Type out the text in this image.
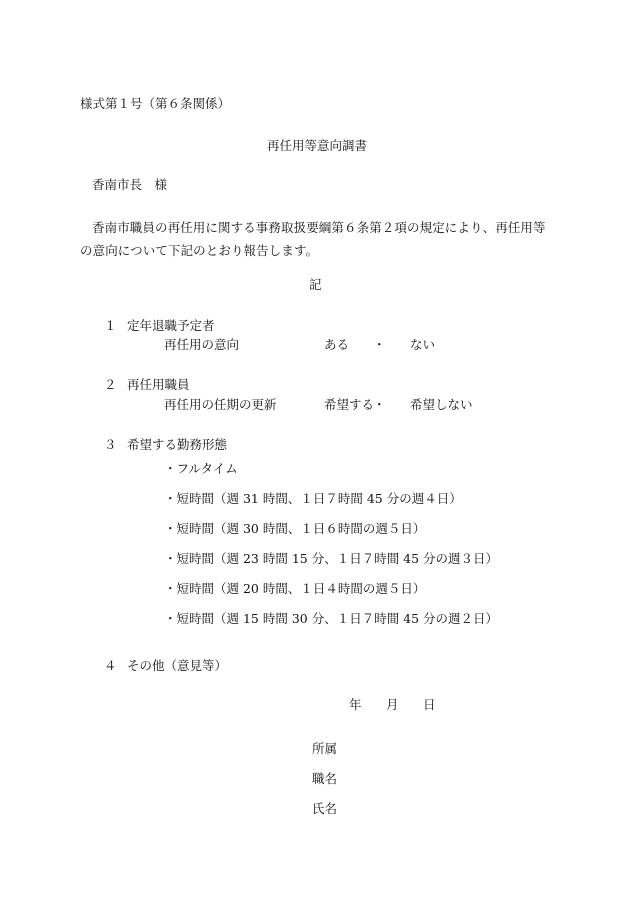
様式第１号（第６条関係）
再任用等意向調書
香南市長　様
香南市職員の再任用に関する事務取扱要綱第６条第２項の規定により、再任用等の意向について下記のとおり報告します。
記
１ 定年退職予定者
再任用の意向	ある ・ ない
２ 再任用職員
再任用の任期の更新	希望する
・ 希望しない
３ 希望する勤務形態
・フルタイム
・短時間（週 31 時間、１日７時間 45 分の週４日）
・短時間（週 30 時間、１日６時間の週５日）
・短時間（週 23 時間 15 分、１日７時間 45 分の週３日）
・短時間（週 20 時間、１日４時間の週５日）
・短時間（週 15 時間 30 分、１日７時間 45 分の週２日）
４ その他（意見等）
年 月 日
所属
職名
氏名
